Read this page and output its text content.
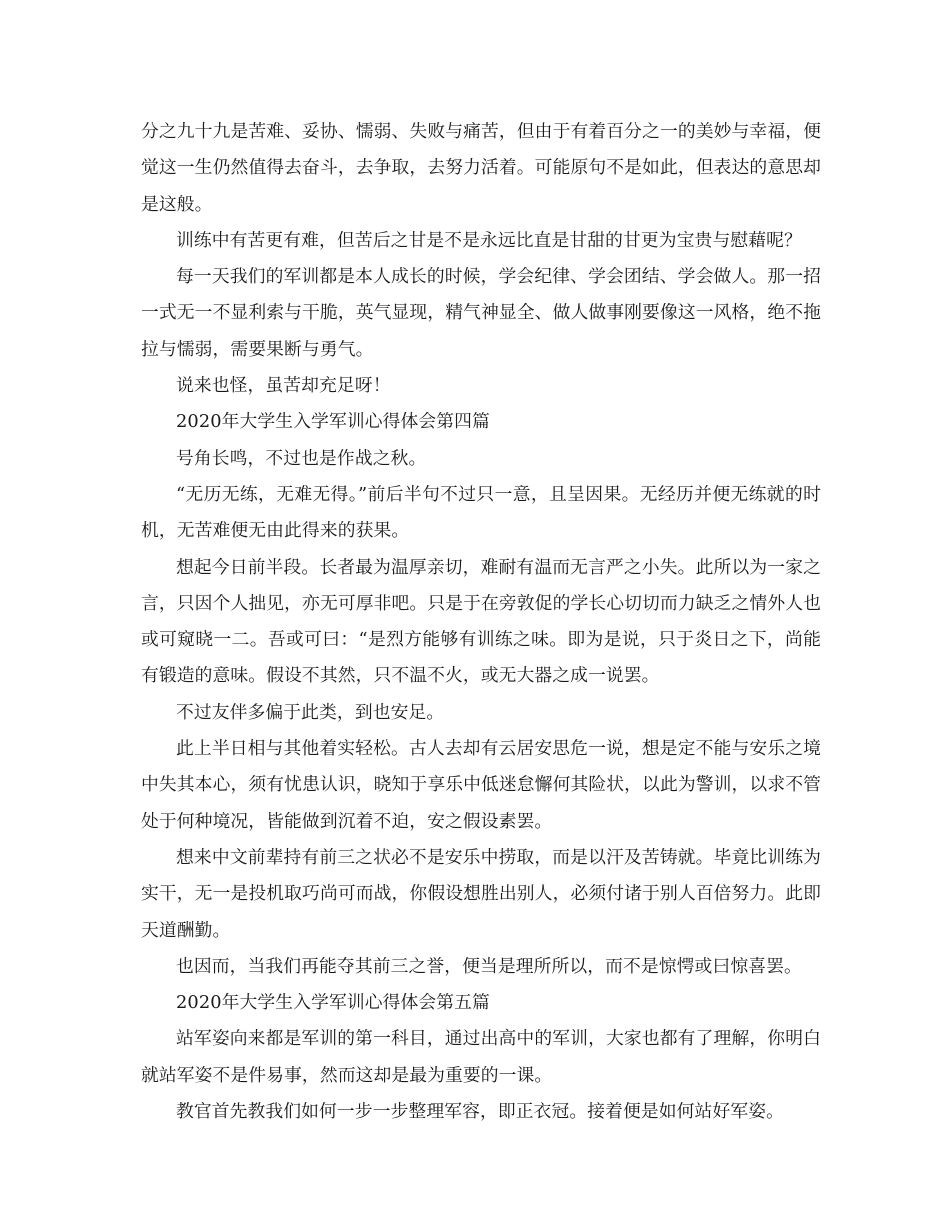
分之九十九是苦难、妥协、懦弱、失败与痛苦，但由于有着百分之一的美妙与幸福，便觉这一生仍然值得去奋斗，去争取，去努力活着。可能原句不是如此，但表达的意思却是这般。

训练中有苦更有难，但苦后之甘是不是永远比直是甘甜的甘更为宝贵与慰藉呢？

每一天我们的军训都是本人成长的时候，学会纪律、学会团结、学会做人。那一招一式无一不显利索与干脆，英气显现，精气神显全、做人做事刚要像这一风格，绝不拖拉与懦弱，需要果断与勇气。

说来也怪，虽苦却充足呀！

2020年大学生入学军训心得体会第四篇

号角长鸣，不过也是作战之秋。

“无历无练，无难无得。”前后半句不过只一意，且呈因果。无经历并便无练就的时机，无苦难便无由此得来的获果。

想起今日前半段。长者最为温厚亲切，难耐有温而无言严之小失。此所以为一家之言，只因个人拙见，亦无可厚非吧。只是于在旁敦促的学长心切切而力缺乏之情外人也或可窥晓一二。吾或可曰：“是烈方能够有训练之味。即为是说，只于炎日之下，尚能有锻造的意味。假设不其然，只不温不火，或无大器之成一说罢。

不过友伴多偏于此类，到也安足。

此上半日相与其他着实轻松。古人去却有云居安思危一说，想是定不能与安乐之境中失其本心，须有忧患认识，晓知于享乐中低迷怠懈何其险状，以此为警训，以求不管处于何种境况，皆能做到沉着不迫，安之假设素罢。

想来中文前辈持有前三之状必不是安乐中捞取，而是以汗及苦铸就。毕竟比训练为实干，无一是投机取巧尚可而战，你假设想胜出别人，必须付诸于别人百倍努力。此即天道酬勤。

也因而，当我们再能夺其前三之誉，便当是理所所以，而不是惊愕或曰惊喜罢。

2020年大学生入学军训心得体会第五篇

站军姿向来都是军训的第一科目，通过出高中的军训，大家也都有了理解，你明白就站军姿不是件易事，然而这却是最为重要的一课。

教官首先教我们如何一步一步整理军容，即正衣冠。接着便是如何站好军姿。
